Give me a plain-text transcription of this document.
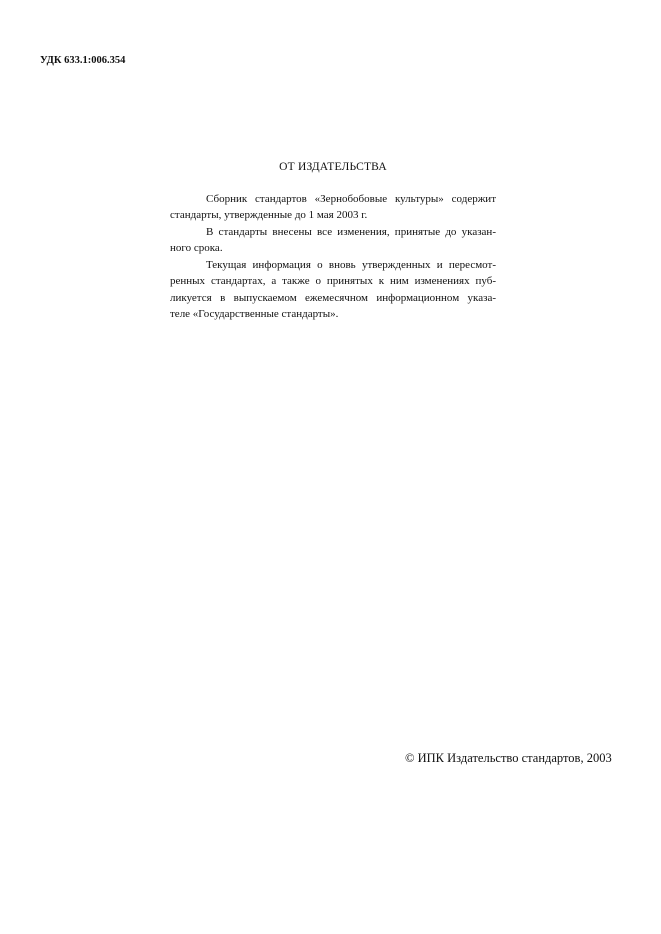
УДК 633.1:006.354
ОТ ИЗДАТЕЛЬСТВА
Сборник стандартов «Зернобобовые культуры» содержит
стандарты, утвержденные до 1 мая 2003 г.
В стандарты внесены все изменения, принятые до указан-
ного срока.
Текущая информация о вновь утвержденных и пересмот-
ренных стандартах, а также о принятых к ним изменениях пуб-
ликуется в выпускаемом ежемесячном информационном указа-
теле «Государственные стандарты».
© ИПК Издательство стандартов, 2003
